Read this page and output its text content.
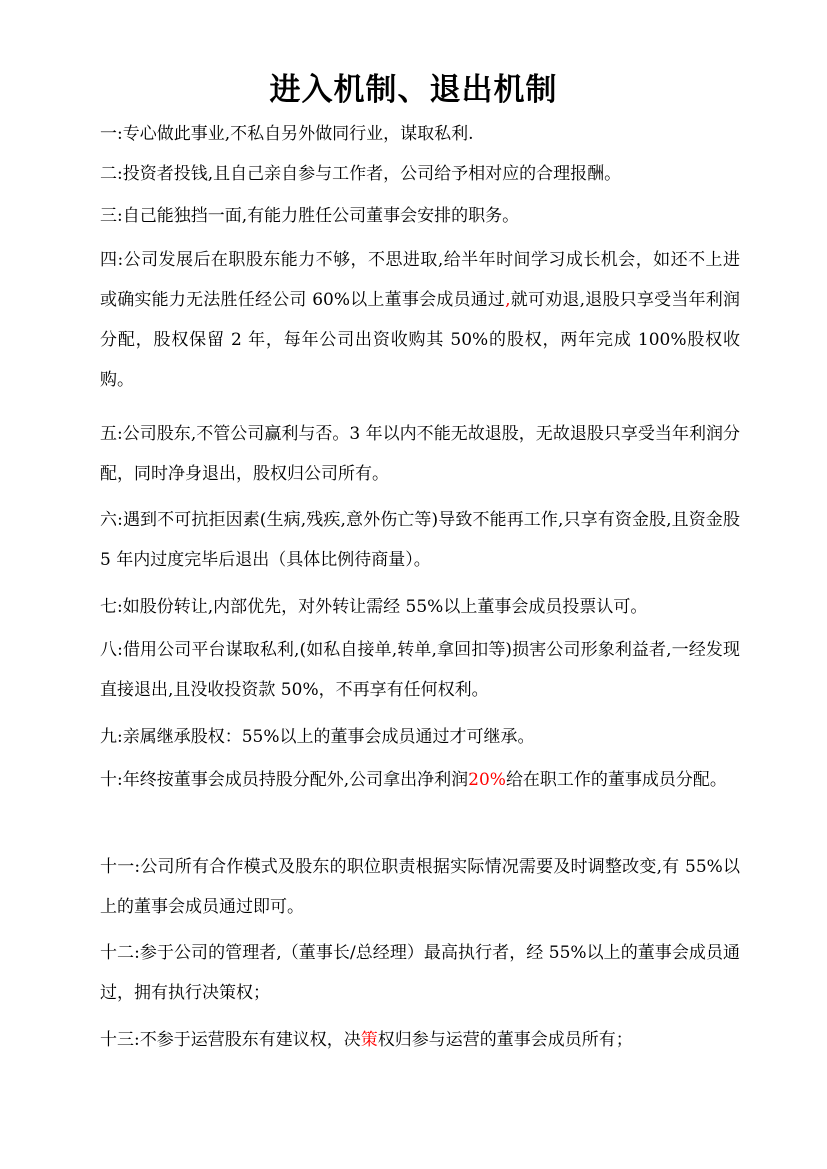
进入机制、退出机制
一:专心做此事业,不私自另外做同行业，谋取私利.
二:投资者投钱,且自己亲自参与工作者，公司给予相对应的合理报酬。
三:自己能独挡一面,有能力胜任公司董事会安排的职务。
四:公司发展后在职股东能力不够，不思进取,给半年时间学习成长机会，如还不上进或确实能力无法胜任经公司 60%以上董事会成员通过,就可劝退,退股只享受当年利润分配，股权保留 2 年，每年公司出资收购其 50%的股权，两年完成 100%股权收购。
五:公司股东,不管公司赢利与否。3 年以内不能无故退股，无故退股只享受当年利润分配，同时净身退出，股权归公司所有。
六:遇到不可抗拒因素(生病,残疾,意外伤亡等)导致不能再工作,只享有资金股,且资金股 5 年内过度完毕后退出（具体比例待商量）。
七:如股份转让,内部优先，对外转让需经 55%以上董事会成员投票认可。
八:借用公司平台谋取私利,(如私自接单,转单,拿回扣等)损害公司形象利益者,一经发现直接退出,且没收投资款 50%，不再享有任何权利。
九:亲属继承股权：55%以上的董事会成员通过才可继承。
十:年终按董事会成员持股分配外,公司拿出净利润20%给在职工作的董事成员分配。
十一:公司所有合作模式及股东的职位职责根据实际情况需要及时调整改变,有 55%以上的董事会成员通过即可。
十二:参于公司的管理者,（董事长/总经理）最高执行者，经 55%以上的董事会成员通过，拥有执行决策权；
十三:不参于运营股东有建议权，决策权归参与运营的董事会成员所有；
